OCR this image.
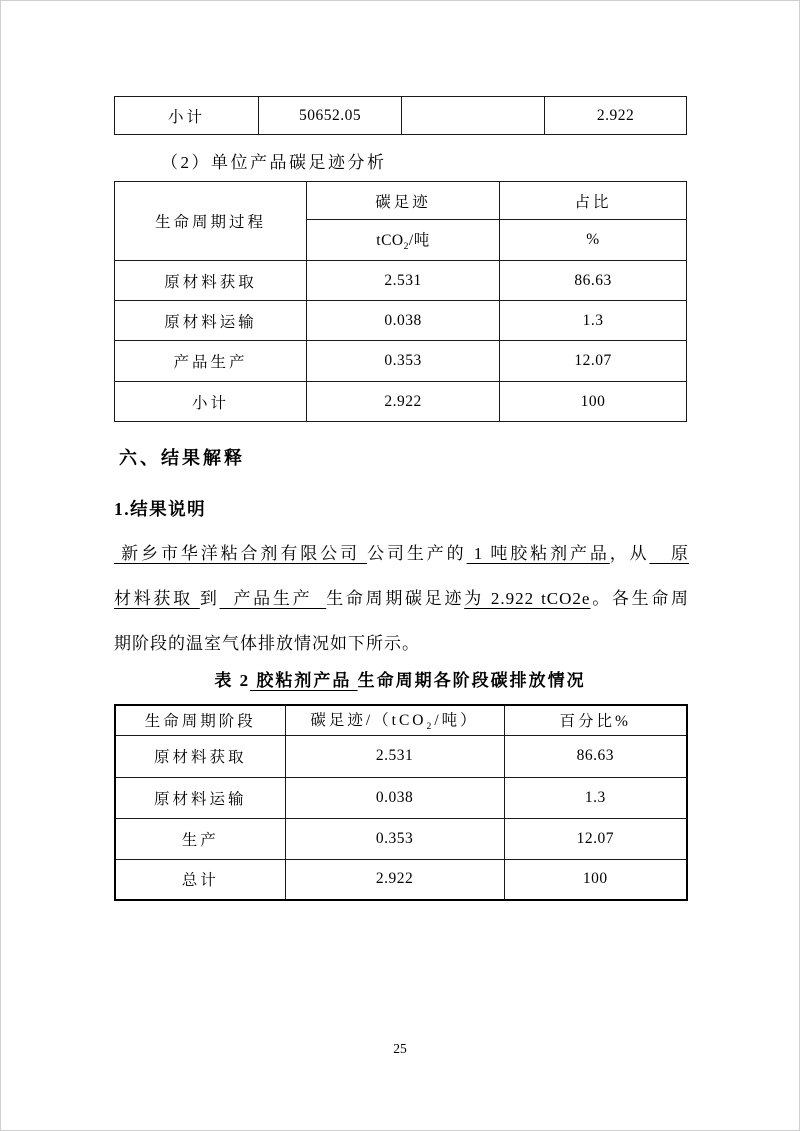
小计	50652.05		2.922
（2）单位产品碳足迹分析
生命周期过程	碳足迹	占比
	tCO$_2$/吨	%
原材料获取	2.531	86.63
原材料运输	0.038	1.3
产品生产	0.353	12.07
小计	2.922	100
六、结果解释
1.结果说明
新乡市华洋粘合剂有限公司 公司生产的 1 吨胶粘剂产品，从   原
材料获取 到  产品生产  生命周期碳足迹为 2.922 tCO2e。各生命周
期阶段的温室气体排放情况如下所示。
表 2 胶粘剂产品 生命周期各阶段碳排放情况
生命周期阶段	碳足迹/（tCO$_2$/吨）	百分比%
原材料获取	2.531	86.63
原材料运输	0.038	1.3
生产	0.353	12.07
总计	2.922	100
25
